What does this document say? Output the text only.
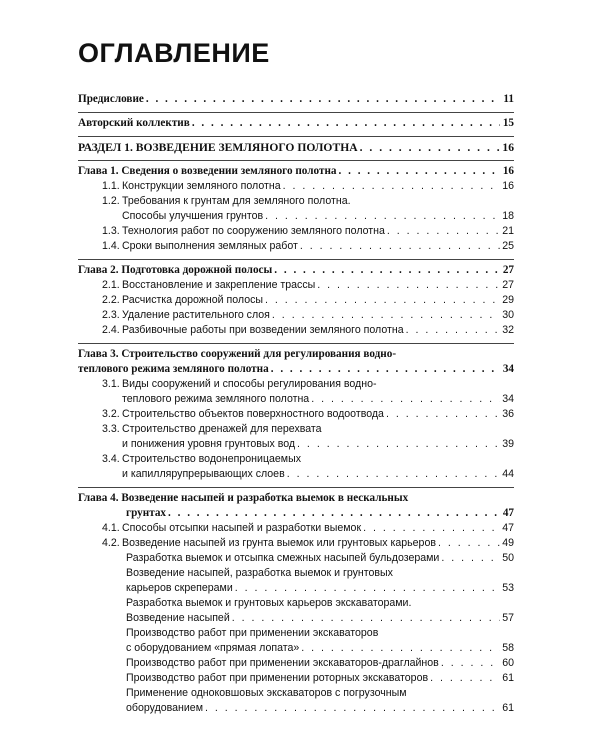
ОГЛАВЛЕНИЕ
Предисловие . . .	11
Авторский коллектив . . .	15
РАЗДЕЛ 1. ВОЗВЕДЕНИЕ ЗЕМЛЯНОГО ПОЛОТНА . . .	16
Глава 1. Сведения о возведении земляного полотна . . .	16
1.1. Конструкции земляного полотна . . .	16
1.2. Требования к грунтам для земляного полотна.
Способы улучшения грунтов . . .	18
1.3. Технология работ по сооружению земляного полотна . . .	21
1.4. Сроки выполнения земляных работ . . .	25
Глава 2. Подготовка дорожной полосы . . .	27
2.1. Восстановление и закрепление трассы . . .	27
2.2. Расчистка дорожной полосы . . .	29
2.3. Удаление растительного слоя . . .	30
2.4. Разбивочные работы при возведении земляного полотна . . .	32
Глава 3. Строительство сооружений для регулирования водно-
теплового режима земляного полотна . . .	34
3.1. Виды сооружений и способы регулирования водно-
теплового режима земляного полотна . . .	34
3.2. Строительство объектов поверхностного водоотвода . . .	36
3.3. Строительство дренажей для перехвата
и понижения уровня грунтовых вод . . .	39
3.4. Строительство водонепроницаемых
и капиллярупрерывающих слоев . . .	44
Глава 4. Возведение насыпей и разработка выемок в нескальных
грунтах . . .	47
4.1. Способы отсыпки насыпей и разработки выемок . . .	47
4.2. Возведение насыпей из грунта выемок или грунтовых карьеров . . .	49
Разработка выемок и отсыпка смежных насыпей бульдозерами . . .	50
Возведение насыпей, разработка выемок и грунтовых
карьеров скреперами . . .	53
Разработка выемок и грунтовых карьеров экскаваторами.
Возведение насыпей . . .	57
Производство работ при применении экскаваторов
с оборудованием «прямая лопата» . . .	58
Производство работ при применении экскаваторов-драглайнов . . .	60
Производство работ при применении роторных экскаваторов . . .	61
Применение одноковшовых экскаваторов с погрузочным
оборудованием . . .	61
